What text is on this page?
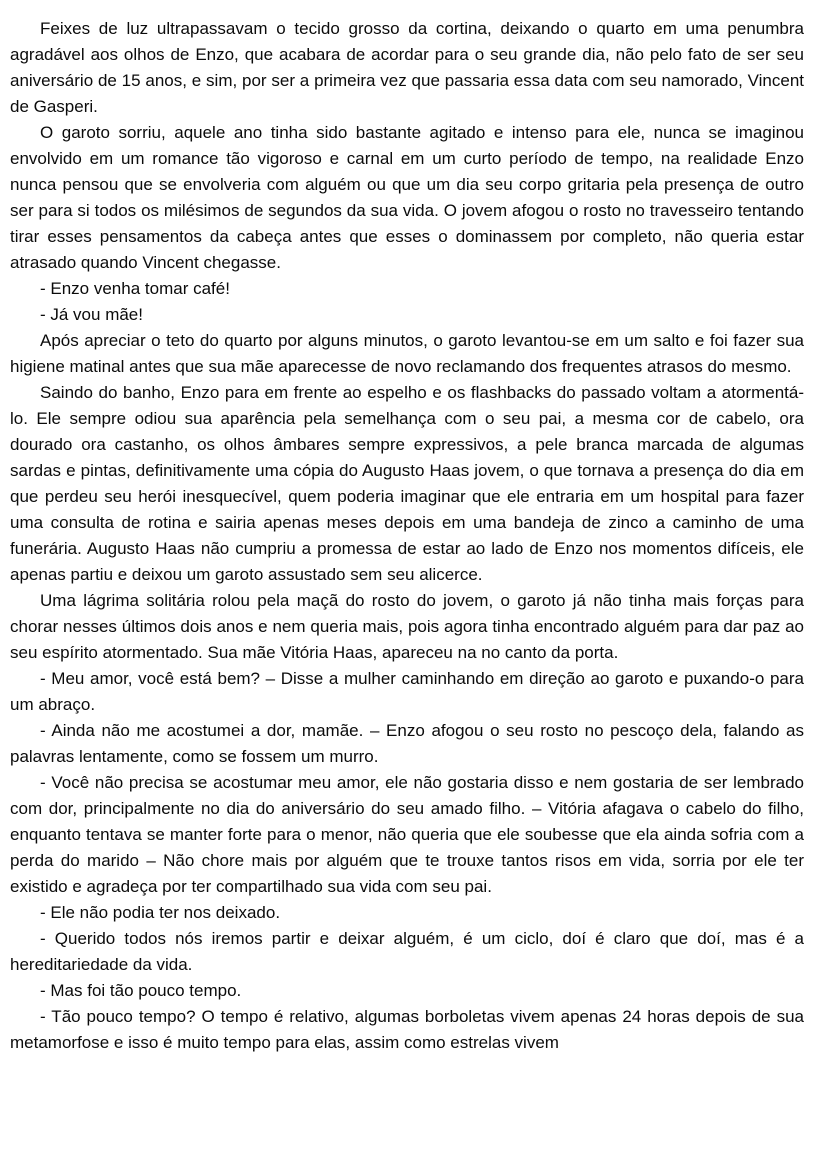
Feixes de luz ultrapassavam o tecido grosso da cortina, deixando o quarto em uma penumbra agradável aos olhos de Enzo, que acabara de acordar para o seu grande dia, não pelo fato de ser seu aniversário de 15 anos, e sim, por ser a primeira vez que passaria essa data com seu namorado, Vincent de Gasperi.

O garoto sorriu, aquele ano tinha sido bastante agitado e intenso para ele, nunca se imaginou envolvido em um romance tão vigoroso e carnal em um curto período de tempo, na realidade Enzo nunca pensou que se envolveria com alguém ou que um dia seu corpo gritaria pela presença de outro ser para si todos os milésimos de segundos da sua vida. O jovem afogou o rosto no travesseiro tentando tirar esses pensamentos da cabeça antes que esses o dominassem por completo, não queria estar atrasado quando Vincent chegasse.

- Enzo venha tomar café!

- Já vou mãe!

Após apreciar o teto do quarto por alguns minutos, o garoto levantou-se em um salto e foi fazer sua higiene matinal antes que sua mãe aparecesse de novo reclamando dos frequentes atrasos do mesmo.

Saindo do banho, Enzo para em frente ao espelho e os flashbacks do passado voltam a atormentá-lo. Ele sempre odiou sua aparência pela semelhança com o seu pai, a mesma cor de cabelo, ora dourado ora castanho, os olhos âmbares sempre expressivos, a pele branca marcada de algumas sardas e pintas, definitivamente uma cópia do Augusto Haas jovem, o que tornava a presença do dia em que perdeu seu herói inesquecível, quem poderia imaginar que ele entraria em um hospital para fazer uma consulta de rotina e sairia apenas meses depois em uma bandeja de zinco a caminho de uma funerária. Augusto Haas não cumpriu a promessa de estar ao lado de Enzo nos momentos difíceis, ele apenas partiu e deixou um garoto assustado sem seu alicerce.

Uma lágrima solitária rolou pela maçã do rosto do jovem, o garoto já não tinha mais forças para chorar nesses últimos dois anos e nem queria mais, pois agora tinha encontrado alguém para dar paz ao seu espírito atormentado. Sua mãe Vitória Haas, apareceu na no canto da porta.

- Meu amor, você está bem? – Disse a mulher caminhando em direção ao garoto e puxando-o para um abraço.

- Ainda não me acostumei a dor, mamãe. – Enzo afogou o seu rosto no pescoço dela, falando as palavras lentamente, como se fossem um murro.

- Você não precisa se acostumar meu amor, ele não gostaria disso e nem gostaria de ser lembrado com dor, principalmente no dia do aniversário do seu amado filho. – Vitória afagava o cabelo do filho, enquanto tentava se manter forte para o menor, não queria que ele soubesse que ela ainda sofria com a perda do marido – Não chore mais por alguém que te trouxe tantos risos em vida, sorria por ele ter existido e agradeça por ter compartilhado sua vida com seu pai.

- Ele não podia ter nos deixado.

- Querido todos nós iremos partir e deixar alguém, é um ciclo, doí é claro que doí, mas é a hereditariedade da vida.

- Mas foi tão pouco tempo.

- Tão pouco tempo? O tempo é relativo, algumas borboletas vivem apenas 24 horas depois de sua metamorfose e isso é muito tempo para elas, assim como estrelas vivem
